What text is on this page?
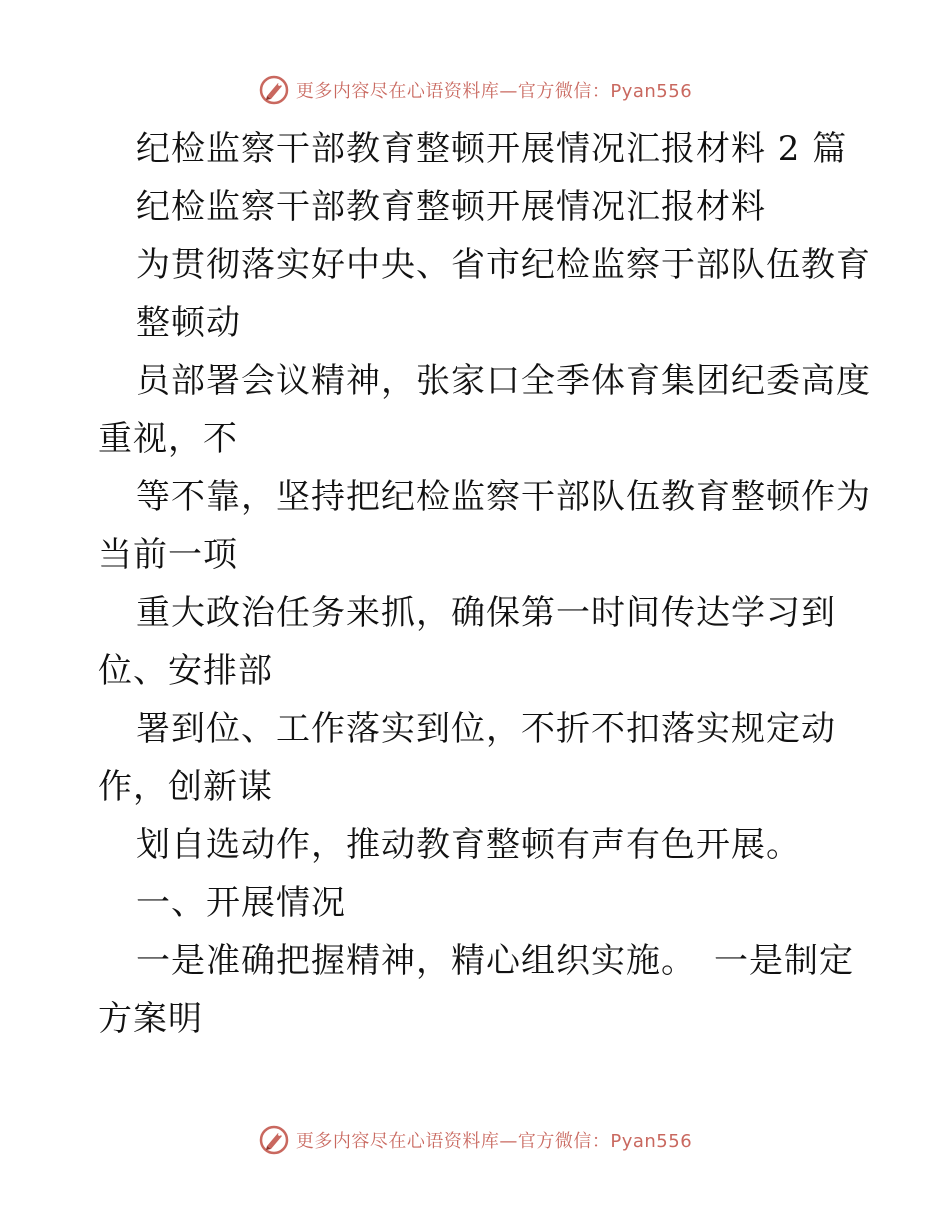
更多内容尽在心语资料库—官方微信：Pyan556
纪检监察干部教育整顿开展情况汇报材料 2 篇
纪检监察干部教育整顿开展情况汇报材料
为贯彻落实好中央、省市纪检监察于部队伍教育
整顿动
员部署会议精神，张家口全季体育集团纪委高度
重视，不
等不靠，坚持把纪检监察干部队伍教育整顿作为
当前一项
重大政治任务来抓，确保第一时间传达学习到
位、安排部
署到位、工作落实到位，不折不扣落实规定动
作，创新谋
划自选动作，推动教育整顿有声有色开展。
一、开展情况
一是准确把握精神，精心组织实施。　一是制定
方案明
更多内容尽在心语资料库—官方微信：Pyan556
